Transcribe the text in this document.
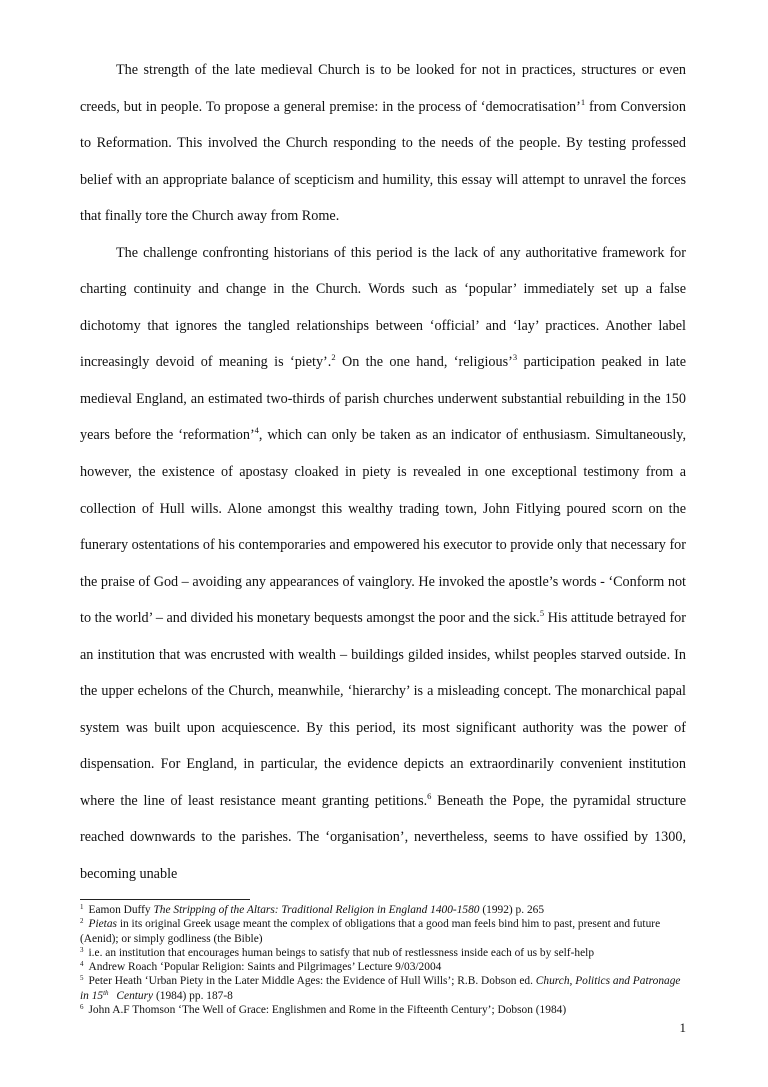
The strength of the late medieval Church is to be looked for not in practices, structures or even creeds, but in people. To propose a general premise: in the process of ‘democratisation’$^1$ from Conversion to Reformation. This involved the Church responding to the needs of the people. By testing professed belief with an appropriate balance of scepticism and humility, this essay will attempt to unravel the forces that finally tore the Church away from Rome.

The challenge confronting historians of this period is the lack of any authoritative framework for charting continuity and change in the Church. Words such as ‘popular’ immediately set up a false dichotomy that ignores the tangled relationships between ‘official’ and ‘lay’ practices. Another label increasingly devoid of meaning is ‘piety’.$^2$ On the one hand, ‘religious’$^3$ participation peaked in late medieval England, an estimated two-thirds of parish churches underwent substantial rebuilding in the 150 years before the ‘reformation’$^4$, which can only be taken as an indicator of enthusiasm. Simultaneously, however, the existence of apostasy cloaked in piety is revealed in one exceptional testimony from a collection of Hull wills. Alone amongst this wealthy trading town, John Fitlying poured scorn on the funerary ostentations of his contemporaries and empowered his executor to provide only that necessary for the praise of God – avoiding any appearances of vainglory. He invoked the apostle’s words - ‘Conform not to the world’ – and divided his monetary bequests amongst the poor and the sick.$^5$ His attitude betrayed for an institution that was encrusted with wealth – buildings gilded insides, whilst peoples starved outside. In the upper echelons of the Church, meanwhile, ‘hierarchy’ is a misleading concept. The monarchical papal system was built upon acquiescence. By this period, its most significant authority was the power of dispensation. For England, in particular, the evidence depicts an extraordinarily convenient institution where the line of least resistance meant granting petitions.$^6$ Beneath the Pope, the pyramidal structure reached downwards to the parishes. The ‘organisation’, nevertheless, seems to have ossified by 1300, becoming unable

$^1$ Eamon Duffy The Stripping of the Altars: Traditional Religion in England 1400-1580 (1992) p. 265
$^2$ Pietas in its original Greek usage meant the complex of obligations that a good man feels bind him to past, present and future (Aenid); or simply godliness (the Bible)
$^3$ i.e. an institution that encourages human beings to satisfy that nub of restlessness inside each of us by self-help
$^4$ Andrew Roach ‘Popular Religion: Saints and Pilgrimages’ Lecture 9/03/2004
$^5$ Peter Heath ‘Urban Piety in the Later Middle Ages: the Evidence of Hull Wills’; R.B. Dobson ed. Church, Politics and Patronage in 15th Century (1984) pp. 187-8
$^6$ John A.F Thomson ‘The Well of Grace: Englishmen and Rome in the Fifteenth Century’; Dobson (1984)
1
